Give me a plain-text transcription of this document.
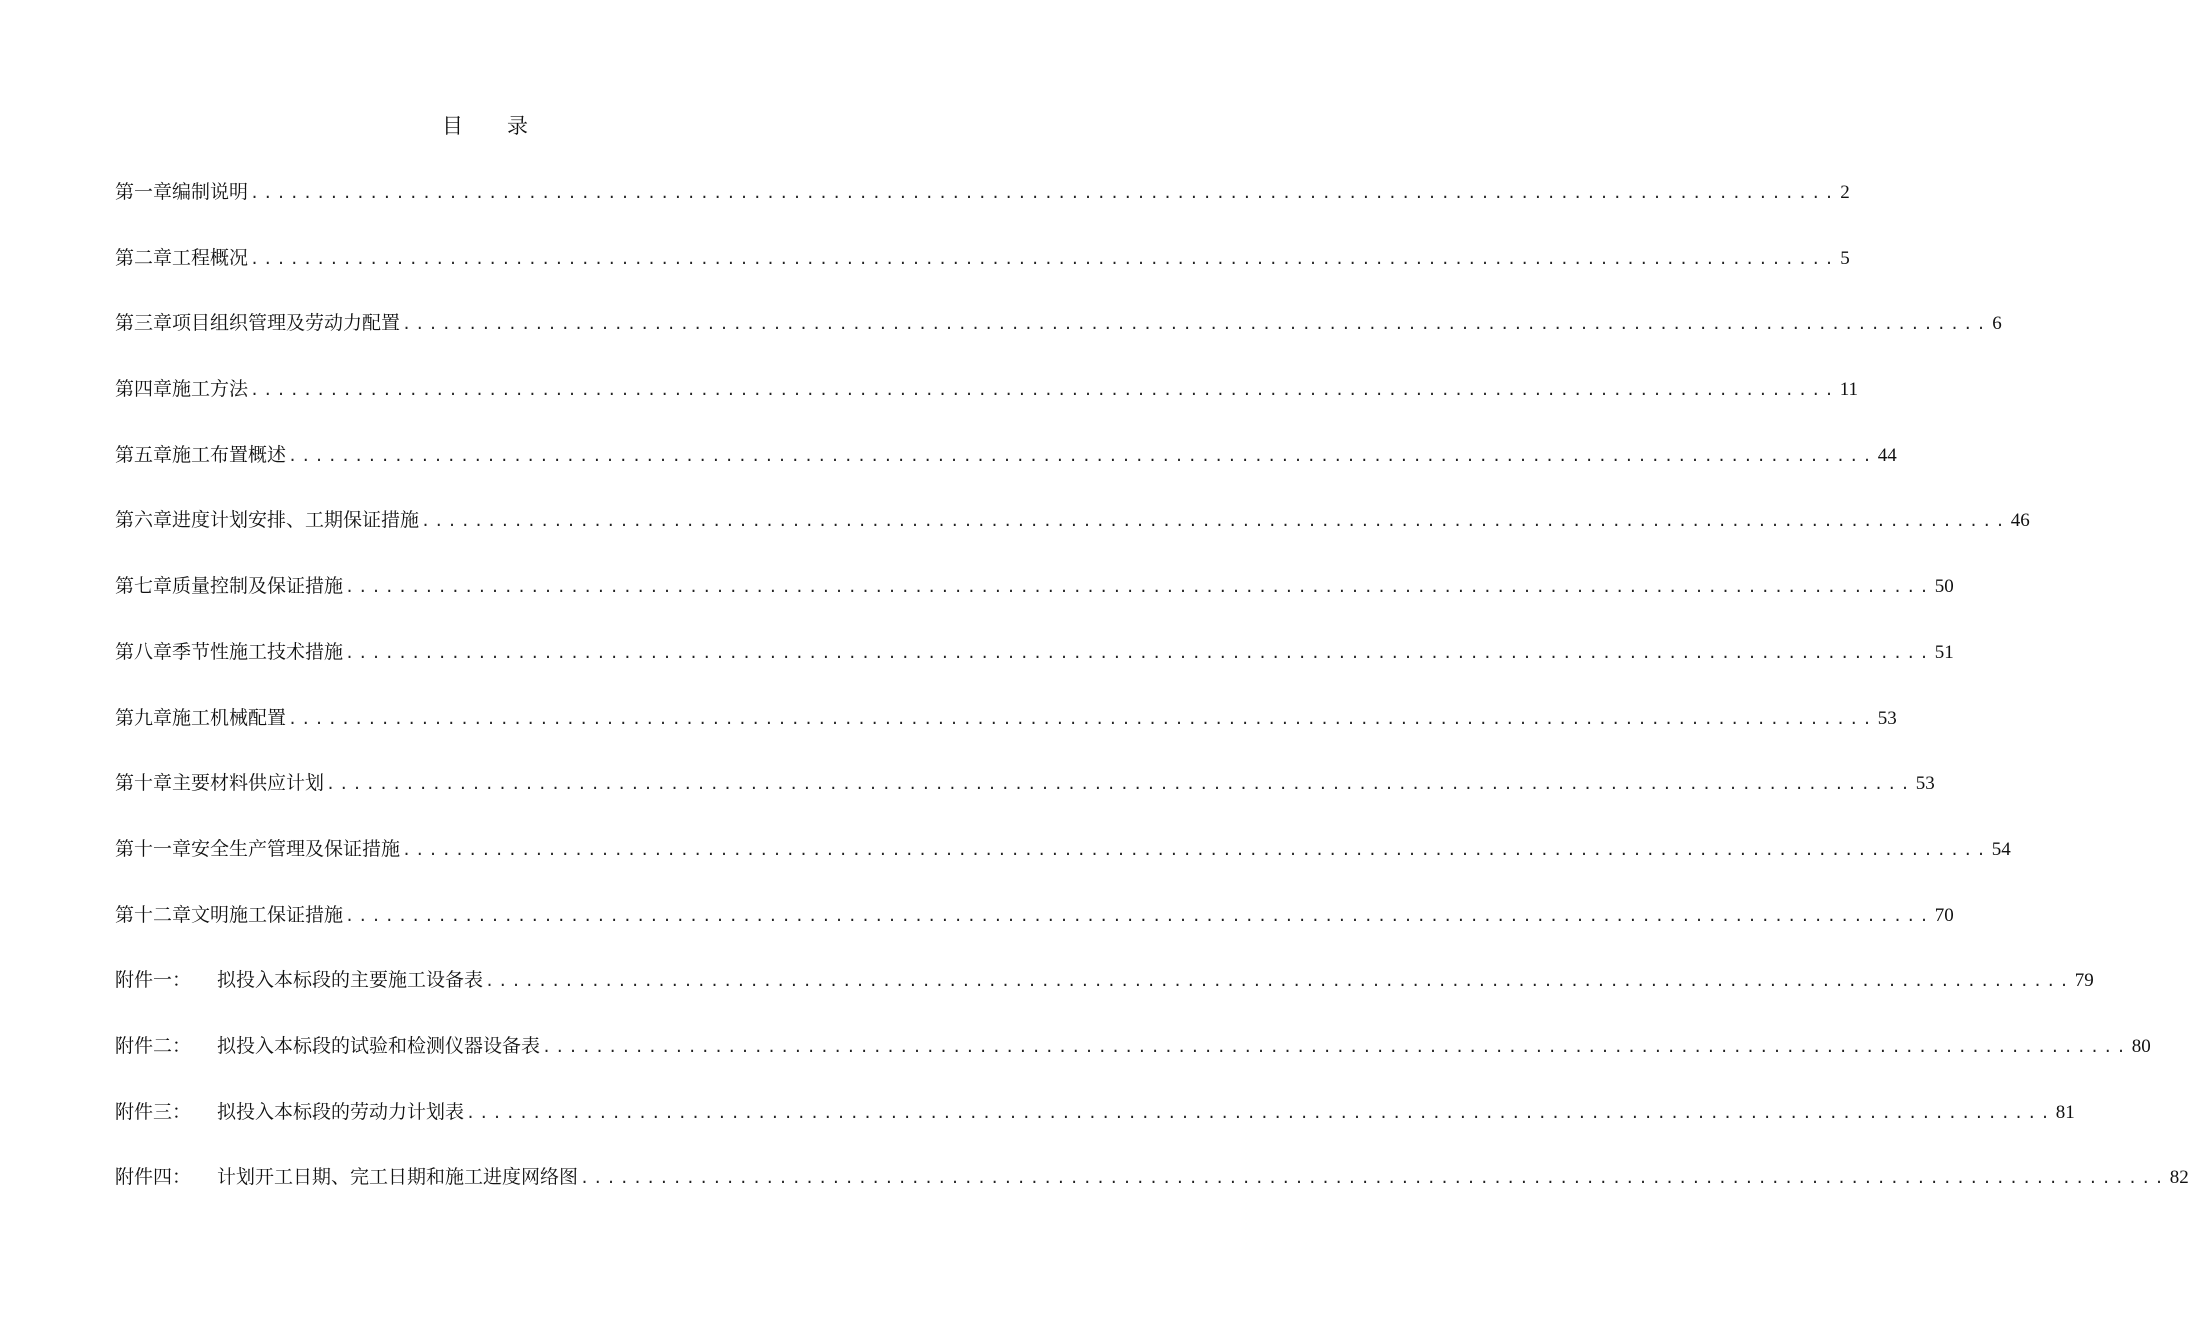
目 录
第一章编制说明 ........................................................................................................................ 2
第二章工程概况 ........................................................................................................................ 5
第三章项目组织管理及劳动力配置 ........................................................................................................................ 6
第四章施工方法 ........................................................................................................................ 11
第五章施工布置概述 ........................................................................................................................ 44
第六章进度计划安排、工期保证措施 ........................................................................................................................ 46
第七章质量控制及保证措施 ........................................................................................................................ 50
第八章季节性施工技术措施 ........................................................................................................................ 51
第九章施工机械配置 ........................................................................................................................ 53
第十章主要材料供应计划 ........................................................................................................................ 53
第十一章安全生产管理及保证措施 ........................................................................................................................ 54
第十二章文明施工保证措施 ........................................................................................................................ 70
附件一： 拟投入本标段的主要施工设备表 ........................................................................................................................ 79
附件二： 拟投入本标段的试验和检测仪器设备表 ........................................................................................................................ 80
附件三： 拟投入本标段的劳动力计划表 ........................................................................................................................ 81
附件四： 计划开工日期、完工日期和施工进度网络图 ........................................................................................................................ 82
